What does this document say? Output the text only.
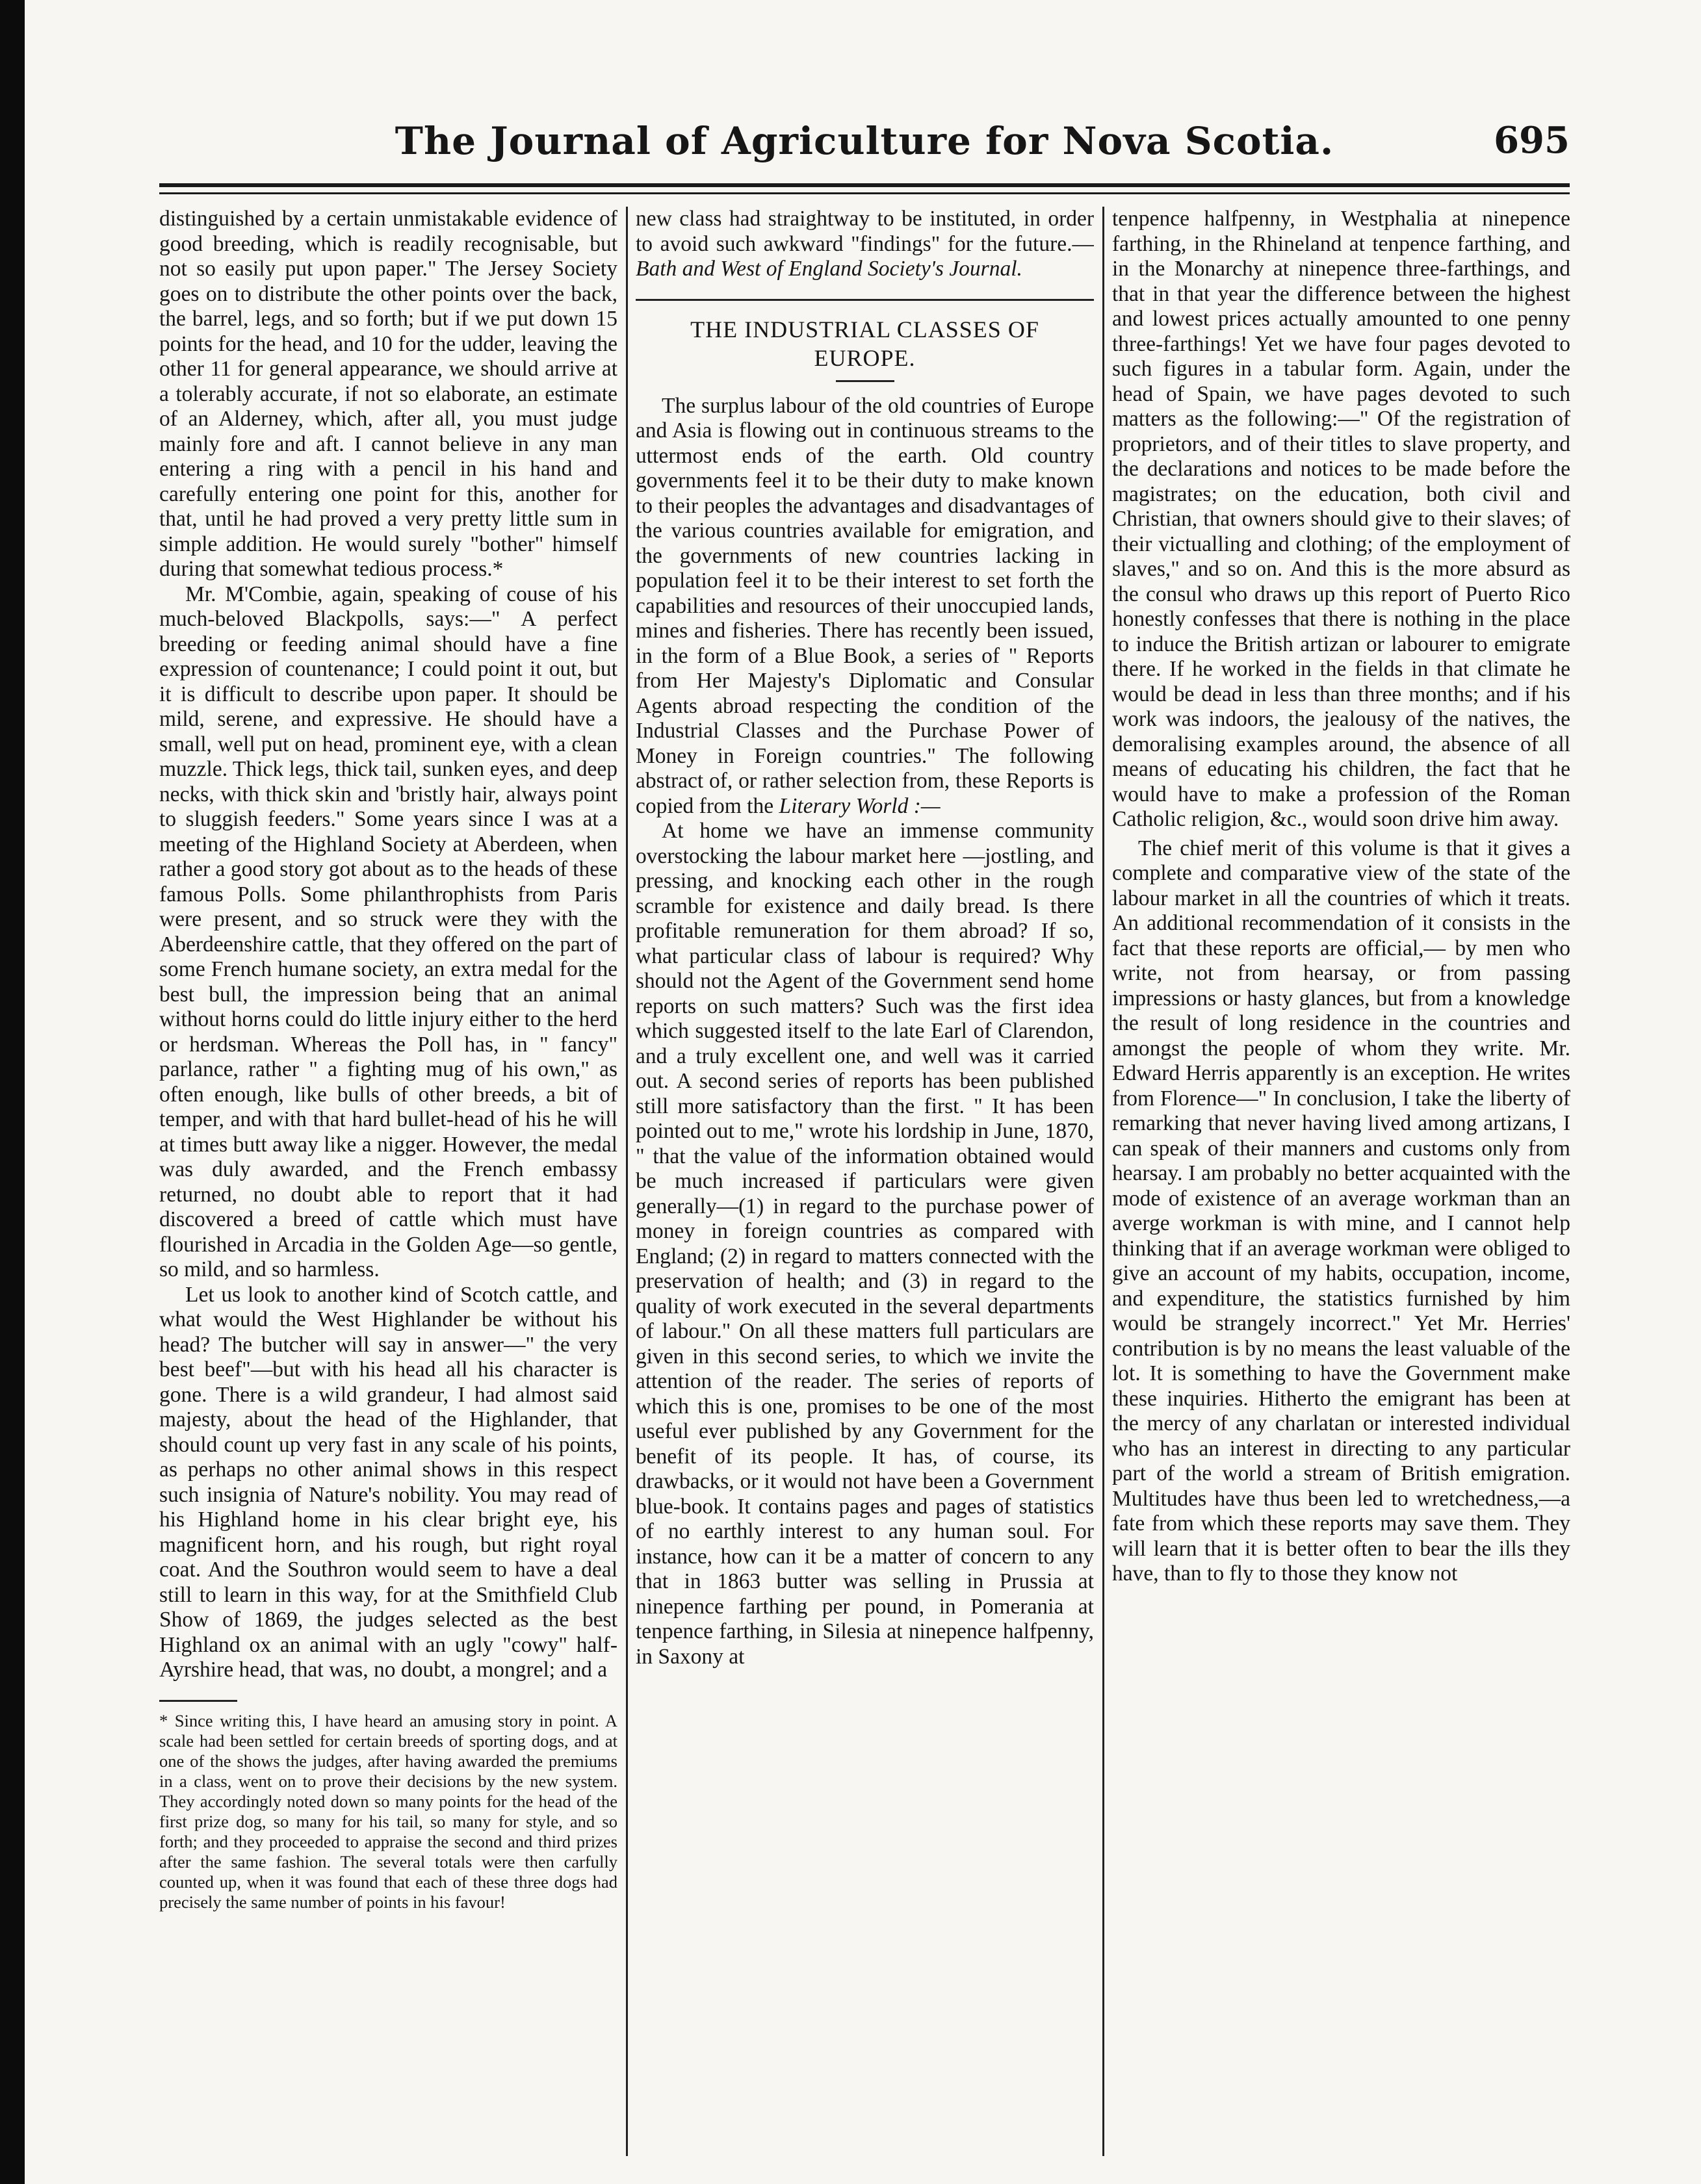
The Journal of Agriculture for Nova Scotia.	695

distinguished by a certain unmistakable evidence of good breeding, which is readily recognisable, but not so easily put upon paper." The Jersey Society goes on to distribute the other points over the back, the barrel, legs, and so forth; but if we put down 15 points for the head, and 10 for the udder, leaving the other 11 for general appearance, we should arrive at a tolerably accurate, if not so elaborate, an estimate of an Alderney, which, after all, you must judge mainly fore and aft. I cannot believe in any man entering a ring with a pencil in his hand and carefully entering one point for this, another for that, until he had proved a very pretty little sum in simple addition. He would surely "bother" himself during that somewhat tedious process.*

Mr. M'Combie, again, speaking of couse of his much-beloved Blackpolls, says:—" A perfect breeding or feeding animal should have a fine expression of countenance; I could point it out, but it is difficult to describe upon paper. It should be mild, serene, and expressive. He should have a small, well put on head, prominent eye, with a clean muzzle. Thick legs, thick tail, sunken eyes, and deep necks, with thick skin and 'bristly hair, always point to sluggish feeders." Some years since I was at a meeting of the Highland Society at Aberdeen, when rather a good story got about as to the heads of these famous Polls. Some philanthrophists from Paris were present, and so struck were they with the Aberdeenshire cattle, that they offered on the part of some French humane society, an extra medal for the best bull, the impression being that an animal without horns could do little injury either to the herd or herdsman. Whereas the Poll has, in " fancy" parlance, rather " a fighting mug of his own," as often enough, like bulls of other breeds, a bit of temper, and with that hard bullet-head of his he will at times butt away like a nigger. However, the medal was duly awarded, and the French embassy returned, no doubt able to report that it had discovered a breed of cattle which must have flourished in Arcadia in the Golden Age—so gentle, so mild, and so harmless.

Let us look to another kind of Scotch cattle, and what would the West Highlander be without his head? The butcher will say in answer—" the very best beef"—but with his head all his character is gone. There is a wild grandeur, I had almost said majesty, about the head of the Highlander, that should count up very fast in any scale of his points, as perhaps no other animal shows in this respect such insignia of Nature's nobility. You may read of his Highland home in his clear bright eye, his magnificent horn, and his rough, but right royal coat. And the Southron would seem to have a deal still to learn in this way, for at the Smithfield Club Show of 1869, the judges selected as the best Highland ox an animal with an ugly "cowy" half-Ayrshire head, that was, no doubt, a mongrel; and a

* Since writing this, I have heard an amusing story in point. A scale had been settled for certain breeds of sporting dogs, and at one of the shows the judges, after having awarded the premiums in a class, went on to prove their decisions by the new system. They accordingly noted down so many points for the head of the first prize dog, so many for his tail, so many for style, and so forth; and they proceeded to appraise the second and third prizes after the same fashion. The several totals were then carfully counted up, when it was found that each of these three dogs had precisely the same number of points in his favour!

new class had straightway to be instituted, in order to avoid such awkward "findings" for the future.—Bath and West of England Society's Journal.

THE INDUSTRIAL CLASSES OF EUROPE.

The surplus labour of the old countries of Europe and Asia is flowing out in continuous streams to the uttermost ends of the earth. Old country governments feel it to be their duty to make known to their peoples the advantages and disadvantages of the various countries available for emigration, and the governments of new countries lacking in population feel it to be their interest to set forth the capabilities and resources of their unoccupied lands, mines and fisheries. There has recently been issued, in the form of a Blue Book, a series of " Reports from Her Majesty's Diplomatic and Consular Agents abroad respecting the condition of the Industrial Classes and the Purchase Power of Money in Foreign countries." The following abstract of, or rather selection from, these Reports is copied from the Literary World :—

At home we have an immense community overstocking the labour market here —jostling, and pressing, and knocking each other in the rough scramble for existence and daily bread. Is there profitable remuneration for them abroad? If so, what particular class of labour is required? Why should not the Agent of the Government send home reports on such matters? Such was the first idea which suggested itself to the late Earl of Clarendon, and a truly excellent one, and well was it carried out. A second series of reports has been published still more satisfactory than the first. " It has been pointed out to me," wrote his lordship in June, 1870, " that the value of the information obtained would be much increased if particulars were given generally—(1) in regard to the purchase power of money in foreign countries as compared with England; (2) in regard to matters connected with the preservation of health; and (3) in regard to the quality of work executed in the several departments of labour." On all these matters full particulars are given in this second series, to which we invite the attention of the reader. The series of reports of which this is one, promises to be one of the most useful ever published by any Government for the benefit of its people. It has, of course, its drawbacks, or it would not have been a Government blue-book. It contains pages and pages of statistics of no earthly interest to any human soul. For instance, how can it be a matter of concern to any that in 1863 butter was selling in Prussia at ninepence farthing per pound, in Pomerania at tenpence farthing, in Silesia at ninepence halfpenny, in Saxony at

tenpence halfpenny, in Westphalia at ninepence farthing, in the Rhineland at tenpence farthing, and in the Monarchy at ninepence three-farthings, and that in that year the difference between the highest and lowest prices actually amounted to one penny three-farthings! Yet we have four pages devoted to such figures in a tabular form. Again, under the head of Spain, we have pages devoted to such matters as the following:—" Of the registration of proprietors, and of their titles to slave property, and the declarations and notices to be made before the magistrates; on the education, both civil and Christian, that owners should give to their slaves; of their victualling and clothing; of the employment of slaves," and so on. And this is the more absurd as the consul who draws up this report of Puerto Rico honestly confesses that there is nothing in the place to induce the British artizan or labourer to emigrate there. If he worked in the fields in that climate he would be dead in less than three months; and if his work was indoors, the jealousy of the natives, the demoralising examples around, the absence of all means of educating his children, the fact that he would have to make a profession of the Roman Catholic religion, &c., would soon drive him away.

The chief merit of this volume is that it gives a complete and comparative view of the state of the labour market in all the countries of which it treats. An additional recommendation of it consists in the fact that these reports are official,— by men who write, not from hearsay, or from passing impressions or hasty glances, but from a knowledge the result of long residence in the countries and amongst the people of whom they write. Mr. Edward Herris apparently is an exception. He writes from Florence—" In conclusion, I take the liberty of remarking that never having lived among artizans, I can speak of their manners and customs only from hearsay. I am probably no better acquainted with the mode of existence of an average workman than an averge workman is with mine, and I cannot help thinking that if an average workman were obliged to give an account of my habits, occupation, income, and expenditure, the statistics furnished by him would be strangely incorrect." Yet Mr. Herries' contribution is by no means the least valuable of the lot. It is something to have the Government make these inquiries. Hitherto the emigrant has been at the mercy of any charlatan or interested individual who has an interest in directing to any particular part of the world a stream of British emigration. Multitudes have thus been led to wretchedness,—a fate from which these reports may save them. They will learn that it is better often to bear the ills they have, than to fly to those they know not
